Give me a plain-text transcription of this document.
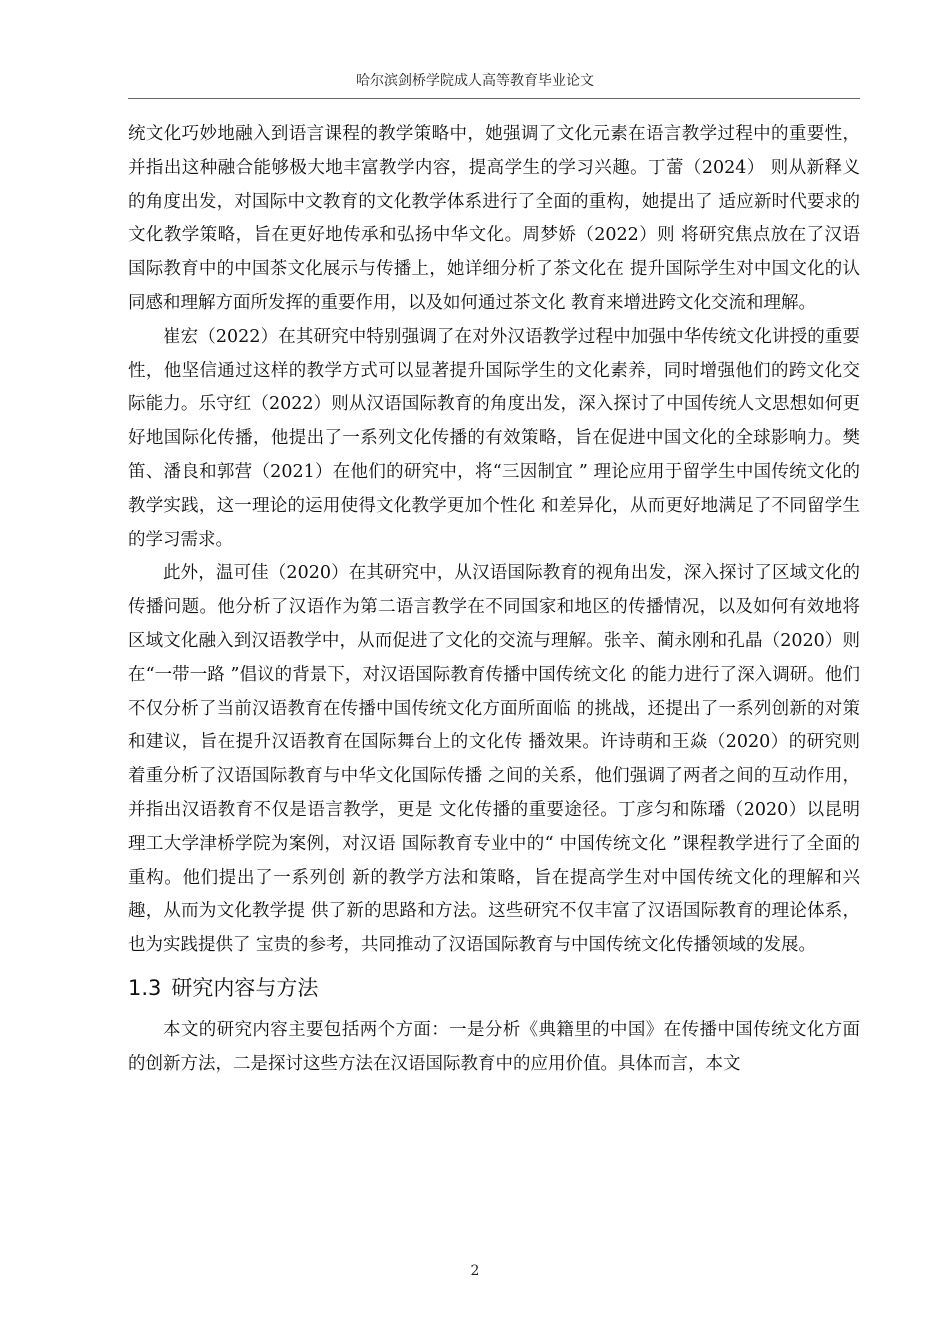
哈尔滨剑桥学院成人高等教育毕业论文

统文化巧妙地融入到语言课程的教学策略中，她强调了文化元素在语言教学过程中的重要性，并指出这种融合能够极大地丰富教学内容，提高学生的学习兴趣。丁蕾（2024） 则从新释义的角度出发，对国际中文教育的文化教学体系进行了全面的重构，她提出了 适应新时代要求的文化教学策略，旨在更好地传承和弘扬中华文化。周梦娇（2022）则 将研究焦点放在了汉语国际教育中的中国茶文化展示与传播上，她详细分析了茶文化在 提升国际学生对中国文化的认同感和理解方面所发挥的重要作用，以及如何通过茶文化 教育来增进跨文化交流和理解。

崔宏（2022）在其研究中特别强调了在对外汉语教学过程中加强中华传统文化讲授的重要性，他坚信通过这样的教学方式可以显著提升国际学生的文化素养，同时增强他们的跨文化交际能力。乐守红（2022）则从汉语国际教育的角度出发，深入探讨了中国传统人文思想如何更好地国际化传播，他提出了一系列文化传播的有效策略，旨在促进中国文化的全球影响力。樊笛、潘良和郭营（2021）在他们的研究中，将“三因制宜 ” 理论应用于留学生中国传统文化的教学实践，这一理论的运用使得文化教学更加个性化 和差异化，从而更好地满足了不同留学生的学习需求。

此外，温可佳（2020）在其研究中，从汉语国际教育的视角出发，深入探讨了区域文化的传播问题。他分析了汉语作为第二语言教学在不同国家和地区的传播情况，以及如何有效地将区域文化融入到汉语教学中，从而促进了文化的交流与理解。张辛、蔺永刚和孔晶（2020）则在“一带一路 ”倡议的背景下，对汉语国际教育传播中国传统文化 的能力进行了深入调研。他们不仅分析了当前汉语教育在传播中国传统文化方面所面临 的挑战，还提出了一系列创新的对策和建议，旨在提升汉语教育在国际舞台上的文化传 播效果。许诗萌和王焱（2020）的研究则着重分析了汉语国际教育与中华文化国际传播 之间的关系，他们强调了两者之间的互动作用，并指出汉语教育不仅是语言教学，更是 文化传播的重要途径。丁彦匀和陈璠（2020）以昆明理工大学津桥学院为案例，对汉语 国际教育专业中的“ 中国传统文化 ”课程教学进行了全面的重构。他们提出了一系列创 新的教学方法和策略，旨在提高学生对中国传统文化的理解和兴趣，从而为文化教学提 供了新的思路和方法。这些研究不仅丰富了汉语国际教育的理论体系，也为实践提供了 宝贵的参考，共同推动了汉语国际教育与中国传统文化传播领域的发展。

1.3 研究内容与方法

本文的研究内容主要包括两个方面：一是分析《典籍里的中国》在传播中国传统文化方面的创新方法，二是探讨这些方法在汉语国际教育中的应用价值。具体而言，本文

2
